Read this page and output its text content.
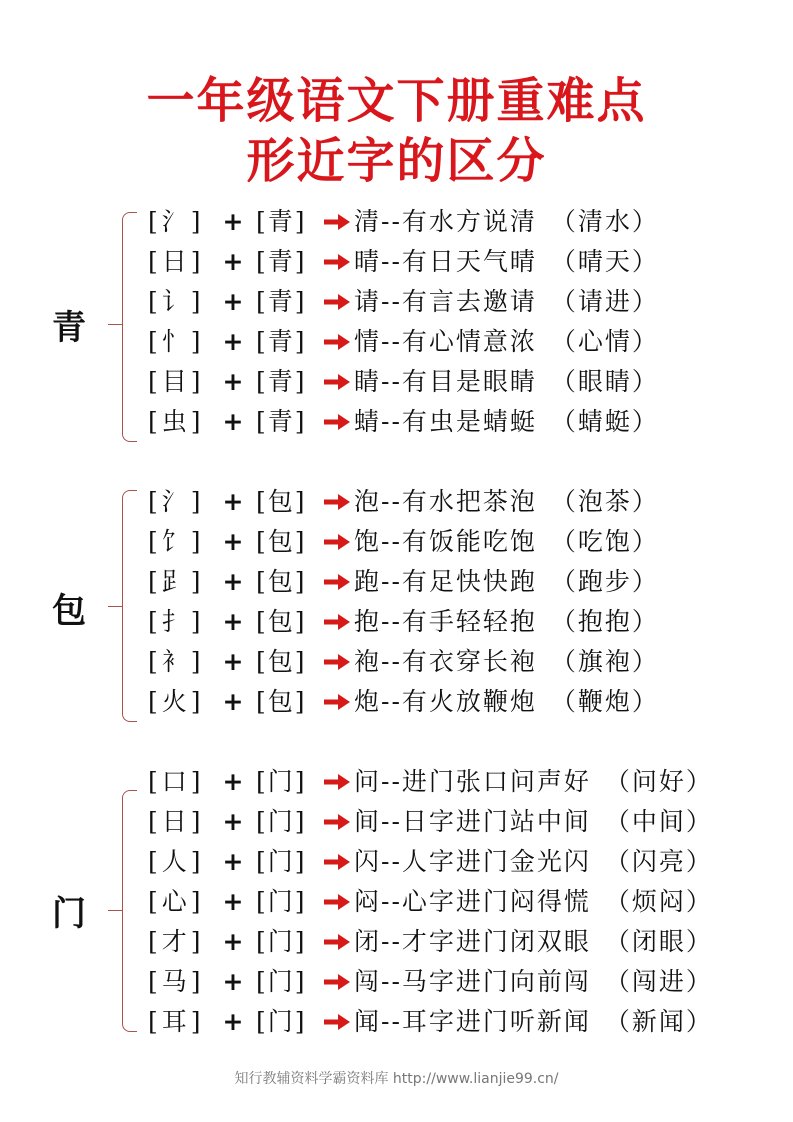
一年级语文下册重难点
形近字的区分
青
[氵] + [青]	清--有水方说清 （清水）
[日] + [青]	晴--有日天气晴 （晴天）
[讠] + [青]	请--有言去邀请 （请进）
[忄] + [青]	情--有心情意浓 （心情）
[目] + [青]	睛--有目是眼睛 （眼睛）
[虫] + [青]	蜻--有虫是蜻蜓 （蜻蜓）
包
[氵] + [包]	泡--有水把茶泡 （泡茶）
[饣] + [包]	饱--有饭能吃饱 （吃饱）
[𧾷] + [包]	跑--有足快快跑 （跑步）
[扌] + [包]	抱--有手轻轻抱 （抱抱）
[衤] + [包]	袍--有衣穿长袍 （旗袍）
[火] + [包]	炮--有火放鞭炮 （鞭炮）
门
[口] + [门]	问--进门张口问声好 （问好）
[日] + [门]	间--日字进门站中间 （中间）
[人] + [门]	闪--人字进门金光闪 （闪亮）
[心] + [门]	闷--心字进门闷得慌 （烦闷）
[才] + [门]	闭--才字进门闭双眼 （闭眼）
[马] + [门]	闯--马字进门向前闯 （闯进）
[耳] + [门]	闻--耳字进门听新闻 （新闻）
知行教辅资料学霸资料库 http://www.lianjie99.cn/
